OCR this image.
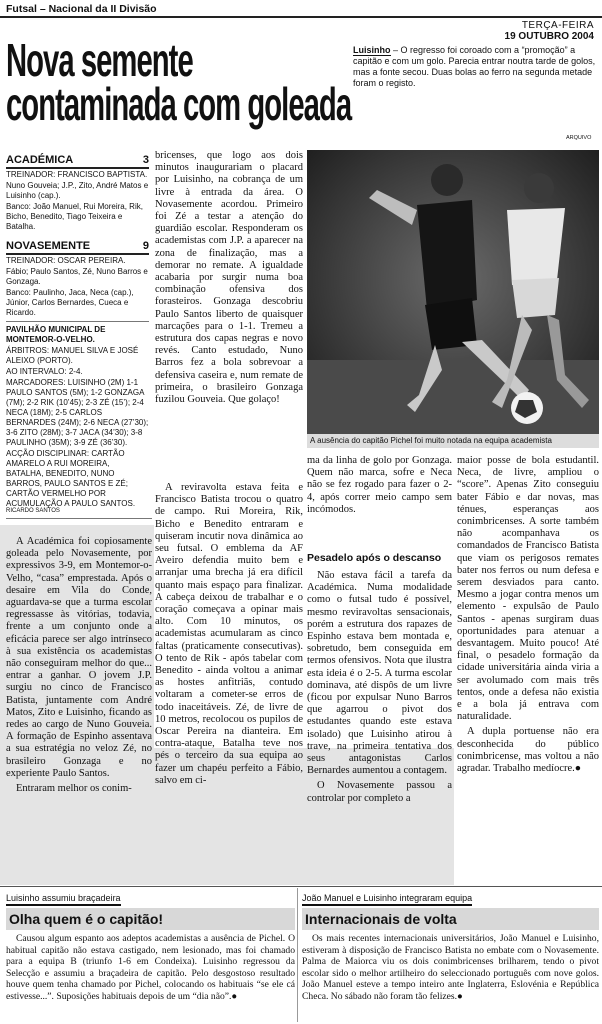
Futsal – Nacional da II Divisão
TERÇA-FEIRA
19 OUTUBRO 2004
Nova semente
contaminada com goleada
Luisinho – O regresso foi coroado com a “promoção” a capitão e com um golo. Parecia entrar noutra tarde de golos, mas a fonte secou. Duas bolas ao ferro na segunda metade foram o registo.
ARQUIVO
A ausência do capitão Pichel foi muito notada na equipa academista
ACADÉMICA	3
TREINADOR: FRANCISCO BAPTISTA.
Nuno Gouveia; J.P., Zito, André Matos e Luisinho (cap.).
Banco: João Manuel, Rui Moreira, Rik, Bicho, Benedito, Tiago Teixeira e Batalha.
NOVASEMENTE	9
TREINADOR: OSCAR PEREIRA.
Fábio; Paulo Santos, Zé, Nuno Barros e Gonzaga.
Banco: Paulinho, Jaca, Neca (cap.), Júnior, Carlos Bernardes, Cueca e Ricardo.
PAVILHÃO MUNICIPAL DE MONTEMOR-O-VELHO.
ÁRBITROS: MANUEL SILVA E JOSÉ ALEIXO (PORTO).
AO INTERVALO: 2-4.
MARCADORES: LUISINHO (2M) 1-1 PAULO SANTOS (5M); 1-2 GONZAGA (7M); 2-2 RIK (10’45); 2-3 ZÉ (15’); 2-4 NECA (18M); 2-5 CARLOS BERNARDES (24M); 2-6 NECA (27’30); 3-6 ZITO (28M); 3-7 JACA (34’30); 3-8 PAULINHO (35M); 3-9 ZÉ (36’30).
ACÇÃO DISCIPLINAR: CARTÃO AMARELO A RUI MOREIRA, BATALHA, BENEDITO, NUNO BARROS, PAULO SANTOS E ZÉ; CARTÃO VERMELHO POR ACUMULAÇÃO A PAULO SANTOS.
RICARDO SANTOS

bricenses, que logo aos dois minutos inaugurariam o placard por Luisinho, na cobrança de um livre à entrada da área. O Novasemente acordou. Primeiro foi Zé a testar a atenção do guardião escolar. Responderam os academistas com J.P. a aparecer na zona de finalização, mas a demorar no remate. A igualdade acabaria por surgir numa boa combinação ofensiva dos forasteiros. Gonzaga descobriu Paulo Santos liberto de quaisquer marcações para o 1-1. Tremeu a estrutura dos capas negras e novo revés. Canto estudado, Nuno Barros fez a bola sobrevoar a defensiva caseira e, num remate de primeira, o brasileiro Gonzaga fuzilou Gouveia. Que golaço!

A reviravolta estava feita e Francisco Batista trocou o quatro de campo. Rui Moreira, Rik, Bicho e Benedito entraram e quiseram incutir nova dinâmica ao seu futsal. O emblema da AF Aveiro defendia muito bem e arranjar uma brecha já era difícil quanto mais espaço para finalizar. A cabeça deixou de trabalhar e o coração começava a opinar mais alto. Com 10 minutos, os academistas acumularam as cinco faltas (praticamente consecutivas). O tento de Rik - após tabelar com Benedito - ainda voltou a animar as hostes anfitriãs, contudo voltaram a cometer-se erros de todo inaceitáveis. Zé, de livre de 10 metros, recolocou os pupilos de Oscar Pereira na dianteira. Em contra-ataque, Batalha teve nos pés o terceiro da sua equipa ao fazer um chapéu perfeito a Fábio, salvo em ci-

ma da linha de golo por Gonzaga. Quem não marca, sofre e Neca não se fez rogado para fazer o 2-4, após correr meio campo sem incómodos.

Pesadelo após o descanso

Não estava fácil a tarefa da Académica. Numa modalidade como o futsal tudo é possível, mesmo reviravoltas sensacionais, porém a estrutura dos rapazes de Espinho estava bem montada e, sobretudo, bem conseguida em termos ofensivos. Nota que ilustra esta ideia é o 2-5. A turma escolar dominava, até dispôs de um livre (ficou por expulsar Nuno Barros que agarrou o pivot dos estudantes quando este estava isolado) que Luisinho atirou à trave, na primeira tentativa dos seus antagonistas Carlos Bernardes aumentou a contagem.

O Novasemente passou a controlar por completo a

maior posse de bola estudantil. Neca, de livre, ampliou o “score”. Apenas Zito conseguiu bater Fábio e dar novas, mas ténues, esperanças aos conimbricenses. A sorte também não acompanhava os comandados de Francisco Batista que viam os perigosos remates bater nos ferros ou num defesa e serem desviados para canto. Mesmo a jogar contra menos um elemento - expulsão de Paulo Santos - apenas surgiram duas oportunidades para atenuar a desvantagem. Muito pouco! Até final, o pesadelo formação da cidade universitária ainda viria a ser avolumado com mais três tentos, onde a defesa não existia e a bola já entrava com naturalidade.

A dupla portuense não era desconhecida do público conimbricense, mas voltou a não agradar. Trabalho medíocre.●

A Académica foi copiosamente goleada pelo Novasemente, por expressivos 3-9, em Montemor-o-Velho, “casa” emprestada. Após o desaire em Vila do Conde, aguardava-se que a turma escolar regressasse às vitórias, todavia, frente a um conjunto onde a eficácia parece ser algo intrínseco à sua existência os academistas não conseguiram melhor do que... entrar a ganhar. O jovem J.P. surgiu no cinco de Francisco Batista, juntamente com André Matos, Zito e Luisinho, ficando as redes ao cargo de Nuno Gouveia. A formação de Espinho assentava a sua estratégia no veloz Zé, no brasileiro Gonzaga e no experiente Paulo Santos.

Entraram melhor os conim-

Luisinho assumiu braçadeira
Olha quem é o capitão!
Causou algum espanto aos adeptos academistas a ausência de Pichel. O habitual capitão não estava castigado, nem lesionado, mas foi chamado para a equipa B (triunfo 1-6 em Condeixa). Luisinho regressou da Selecção e assumiu a braçadeira de capitão. Pelo desgostoso resultado houve quem tenha chamado por Pichel, colocando os habituais “se ele cá estivesse...”. Suposições habituais depois de um “dia não”.●
João Manuel e Luisinho integraram equipa
Internacionais de volta
Os mais recentes internacionais universitários, João Manuel e Luisinho, estiveram à disposição de Francisco Batista no embate com o Novasemente. Palma de Maiorca viu os dois conimbricenses brilharem, tendo o pivot escolar sido o melhor artilheiro do seleccionado português com nove golos. João Manuel esteve a tempo inteiro ante Inglaterra, Eslovénia e República Checa. No sábado não foram tão felizes.●
